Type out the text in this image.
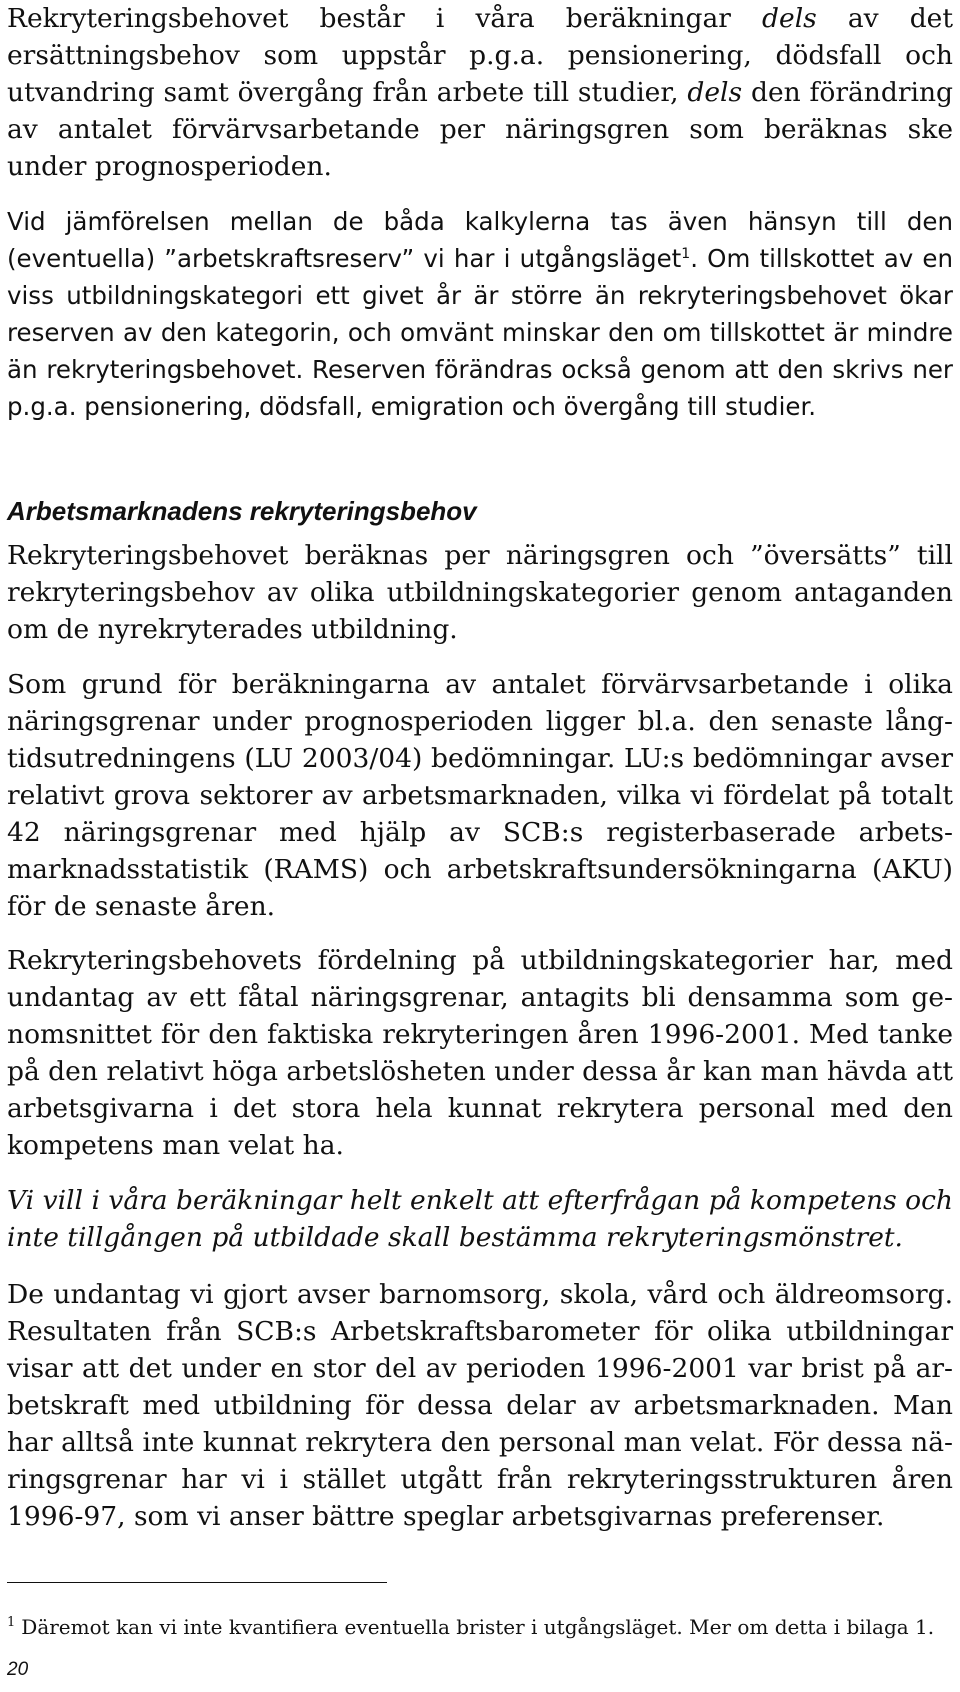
Rekryteringsbehovet består i våra beräkningar dels av det ersättningsbehov som uppstår p.g.a. pensionering, dödsfall och utvandring samt övergång från arbete till studier, dels den förändring av antalet förvärvsarbetande per näringsgren som beräknas ske under prognosperioden.

Vid jämförelsen mellan de båda kalkylerna tas även hänsyn till den (eventuella) ”arbetskraftsreserv” vi har i utgångsläget$^1$. Om tillskottet av en viss utbildningskategori ett givet år är större än rekryteringsbehovet ökar reserven av den kategorin, och omvänt minskar den om tillskottet är mindre än rekryteringsbehovet. Reserven förändras också genom att den skrivs ner p.g.a. pensionering, dödsfall, emigration och övergång till studier.

Arbetsmarknadens rekryteringsbehov

Rekryteringsbehovet beräknas per näringsgren och ”översätts” till rekryteringsbehov av olika utbildningskategorier genom antaganden om de nyrekryterades utbildning.

Som grund för beräkningarna av antalet förvärvsarbetande i olika näringsgrenar under prognosperioden ligger bl.a. den senaste långtidsutredningens (LU 2003/04) bedömningar. LU:s bedömningar avser relativt grova sektorer av arbetsmarknaden, vilka vi fördelat på totalt 42 näringsgrenar med hjälp av SCB:s registerbaserade arbetsmarknadsstatistik (RAMS) och arbetskraftsundersökningarna (AKU) för de senaste åren.

Rekryteringsbehovets fördelning på utbildningskategorier har, med undantag av ett fåtal näringsgrenar, antagits bli densamma som genomsnittet för den faktiska rekryteringen åren 1996-2001. Med tanke på den relativt höga arbetslösheten under dessa år kan man hävda att arbetsgivarna i det stora hela kunnat rekrytera personal med den kompetens man velat ha.

Vi vill i våra beräkningar helt enkelt att efterfrågan på kompetens och inte tillgången på utbildade skall bestämma rekryteringsmönstret.

De undantag vi gjort avser barnomsorg, skola, vård och äldreomsorg. Resultaten från SCB:s Arbetskraftsbarometer för olika utbildningar visar att det under en stor del av perioden 1996-2001 var brist på arbetskraft med utbildning för dessa delar av arbetsmarknaden. Man har alltså inte kunnat rekrytera den personal man velat. För dessa näringsgrenar har vi i stället utgått från rekryteringsstrukturen åren 1996-97, som vi anser bättre speglar arbetsgivarnas preferenser.

$^1$ Däremot kan vi inte kvantifiera eventuella brister i utgångsläget. Mer om detta i bilaga 1.

20
